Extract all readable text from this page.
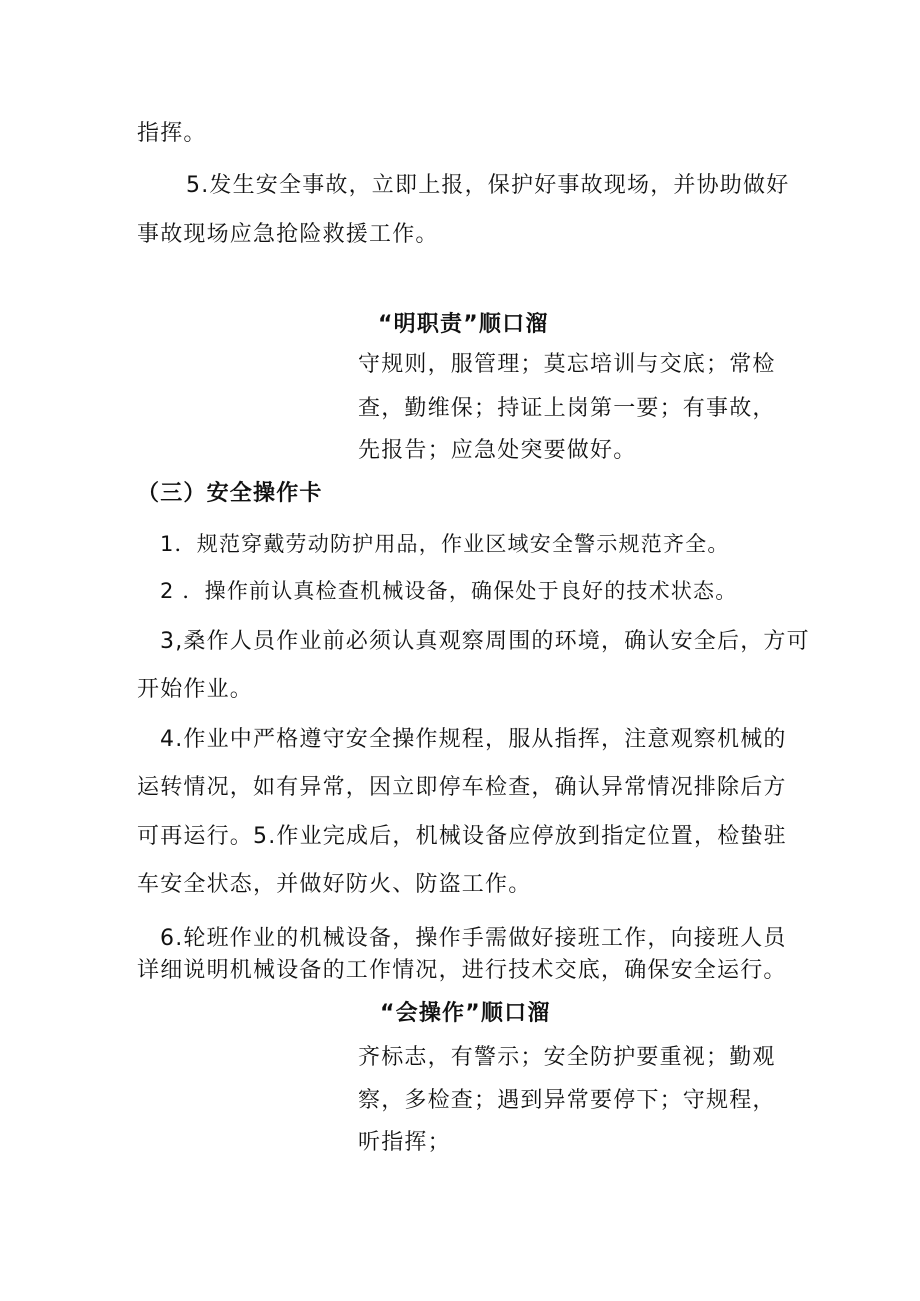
指挥。
5.发生安全事故，立即上报，保护好事故现场，并协助做好
事故现场应急抢险救援工作。
“明职责”顺口溜
守规则，服管理；莫忘培训与交底；常检
查，勤维保；持证上岗第一要；有事故，
先报告；应急处突要做好。
（三）安全操作卡
1．规范穿戴劳动防护用品，作业区域安全警示规范齐全。
2 ．操作前认真检查机械设备，确保处于良好的技术状态。
3,桑作人员作业前必须认真观察周围的环境，确认安全后，方可
开始作业。
4.作业中严格遵守安全操作规程，服从指挥，注意观察机械的
运转情况，如有异常，因立即停车检查，确认异常情况排除后方
可再运行。5.作业完成后，机械设备应停放到指定位置，检蛰驻
车安全状态，并做好防火、防盗工作。
6.轮班作业的机械设备，操作手需做好接班工作，向接班人员
详细说明机械设备的工作情况，进行技术交底，确保安全运行。
“会操作”顺口溜
齐标志，有警示；安全防护要重视；勤观
察，多检查；遇到异常要停下；守规程，
听指挥；
